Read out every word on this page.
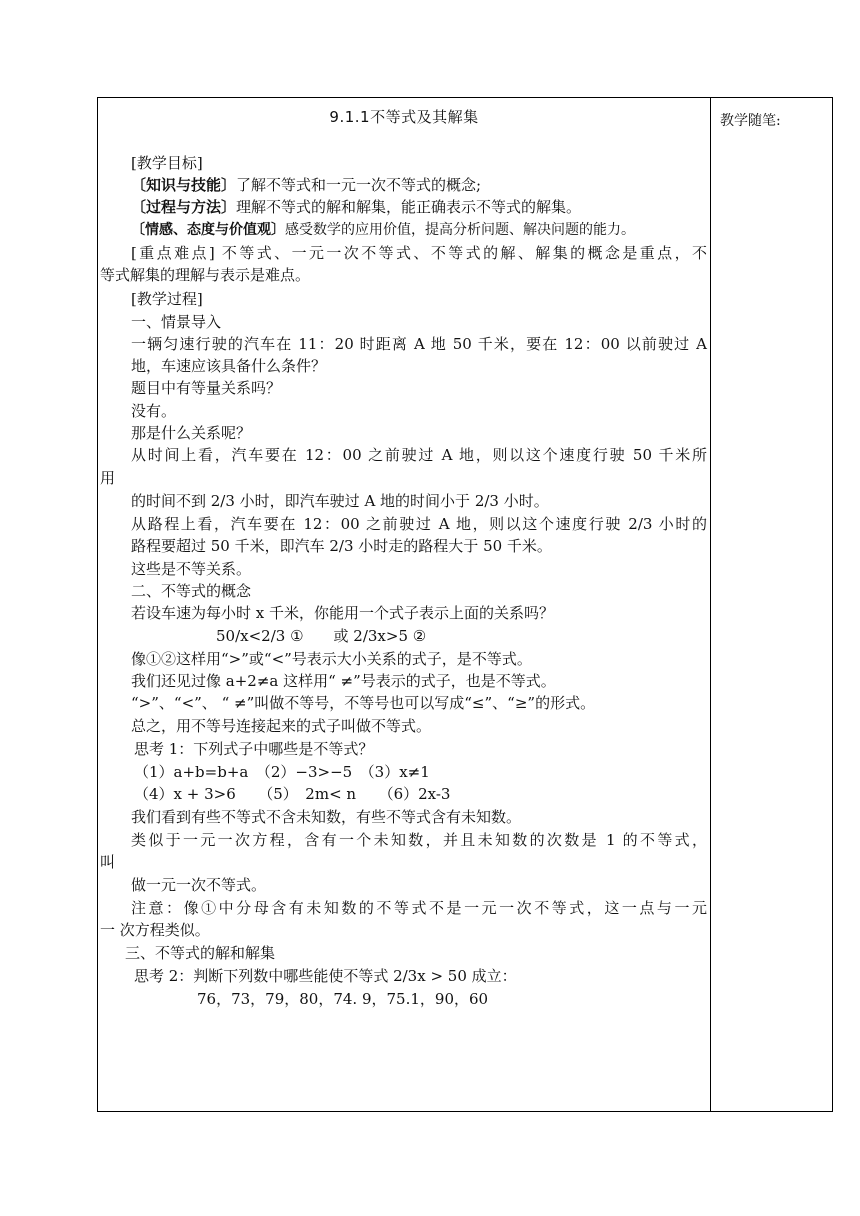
教学随笔:
9.1.1不等式及其解集
[教学目标]
〔知识与技能〕了解不等式和一元一次不等式的概念;
〔过程与方法〕理解不等式的解和解集，能正确表示不等式的解集。
〔情感、态度与价值观〕感受数学的应用价值，提高分析问题、解决问题的能力。
[重点难点] 不等式、一元一次不等式、不等式的解、解集的概念是重点，不
等式解集的理解与表示是难点。
[教学过程]
一、情景导入
一辆匀速行驶的汽车在 11：20 时距离 A 地 50 千米，要在 12：00 以前驶过 A
地，车速应该具备什么条件？
题目中有等量关系吗？
没有。
那是什么关系呢？
从时间上看，汽车要在 12：00 之前驶过 A 地，则以这个速度行驶 50 千米所
用
的时间不到 2/3 小时，即汽车驶过 A 地的时间小于 2/3 小时。
从路程上看，汽车要在 12：00 之前驶过 A 地，则以这个速度行驶 2/3 小时的
路程要超过 50 千米，即汽车 2/3 小时走的路程大于 50 千米。
这些是不等关系。
二、不等式的概念
若设车速为每小时 x 千米，你能用一个式子表示上面的关系吗？
50/x<2/3 ①　　或 2/3x>5 ②
像①②这样用“>”或“<”号表示大小关系的式子，是不等式。
我们还见过像 a+2≠a 这样用“ ≠”号表示的式子，也是不等式。
“>”、“<”、 “ ≠”叫做不等号，不等号也可以写成“≤”、“≥”的形式。
总之，用不等号连接起来的式子叫做不等式。
思考 1：下列式子中哪些是不等式？
（1）a+b=b+a　（2）−3>−5　（3）x≠1
（4）x + 3>6　　（5）　2m< n　　（6）2x-3
我们看到有些不等式不含未知数，有些不等式含有未知数。
类似于一元一次方程，含有一个未知数，并且未知数的次数是 1 的不等式，
叫
做一元一次不等式。
注意：像①中分母含有未知数的不等式不是一元一次不等式，这一点与一元
一 次方程类似。
三、不等式的解和解集
思考 2：判断下列数中哪些能使不等式 2/3x > 50 成立：
76，73，79，80，74. 9，75.1，90，60
